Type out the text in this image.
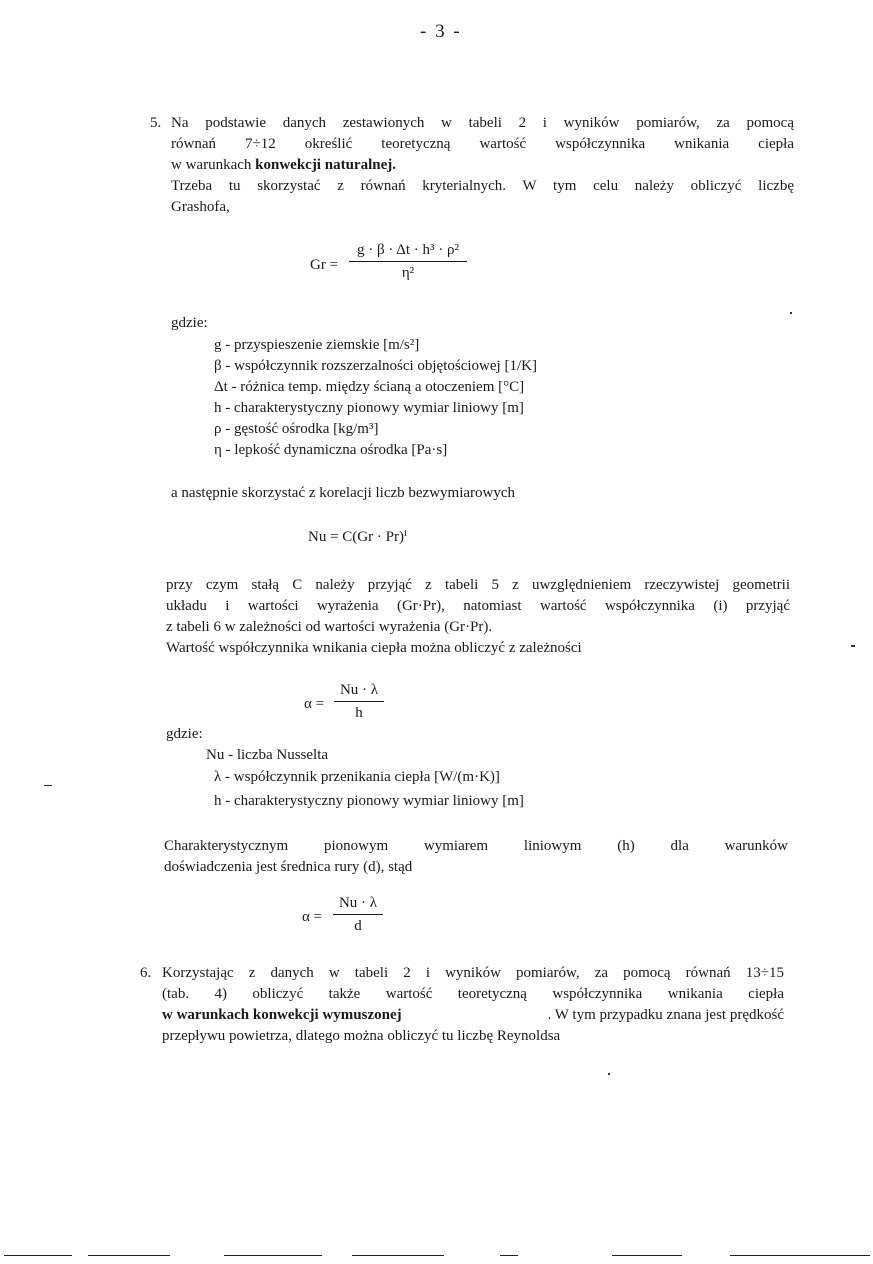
- 3 -
5. Na podstawie danych zestawionych w tabeli 2 i wyników pomiarów, za pomocą
równań 7÷12 określić teoretyczną wartość współczynnika wnikania ciepła
w warunkach konwekcji naturalnej.
Trzeba tu skorzystać z równań kryterialnych. W tym celu należy obliczyć liczbę
Grashofa,
$Gr = \frac{\text{g · β · Δt · h³ · ρ²}}{\text{η²}}$
gdzie:
g - przyspieszenie ziemskie [m/s²]
β - współczynnik rozszerzalności objętościowej [1/K]
Δt - różnica temp. między ścianą a otoczeniem [°C]
h - charakterystyczny pionowy wymiar liniowy [m]
ρ - gęstość ośrodka [kg/m³]
η - lepkość dynamiczna ośrodka [Pa·s]
a następnie skorzystać z korelacji liczb bezwymiarowych
Nu = C(Gr · Pr)ⁱ
przy czym stałą C należy przyjąć z tabeli 5 z uwzględnieniem rzeczywistej geometrii
układu i wartości wyrażenia (Gr·Pr), natomiast wartość współczynnika (i) przyjąć
z tabeli 6 w zależności od wartości wyrażenia (Gr·Pr).
Wartość współczynnika wnikania ciepła można obliczyć z zależności
$\alpha = \frac{Nu \cdot \lambda}{h}$
gdzie:
Nu - liczba Nusselta
λ - współczynnik przenikania ciepła [W/(m·K)]
h - charakterystyczny pionowy wymiar liniowy [m]
Charakterystycznym pionowym wymiarem liniowym (h) dla warunków
doświadczenia jest średnica rury (d), stąd
$\alpha = \frac{Nu \cdot \lambda}{d}$
6. Korzystając z danych w tabeli 2 i wyników pomiarów, za pomocą równań 13÷15
(tab. 4) obliczyć także wartość teoretyczną współczynnika wnikania ciepła
w warunkach konwekcji wymuszonej	. W tym przypadku znana jest prędkość
przepływu powietrza, dlatego można obliczyć tu liczbę Reynoldsa
